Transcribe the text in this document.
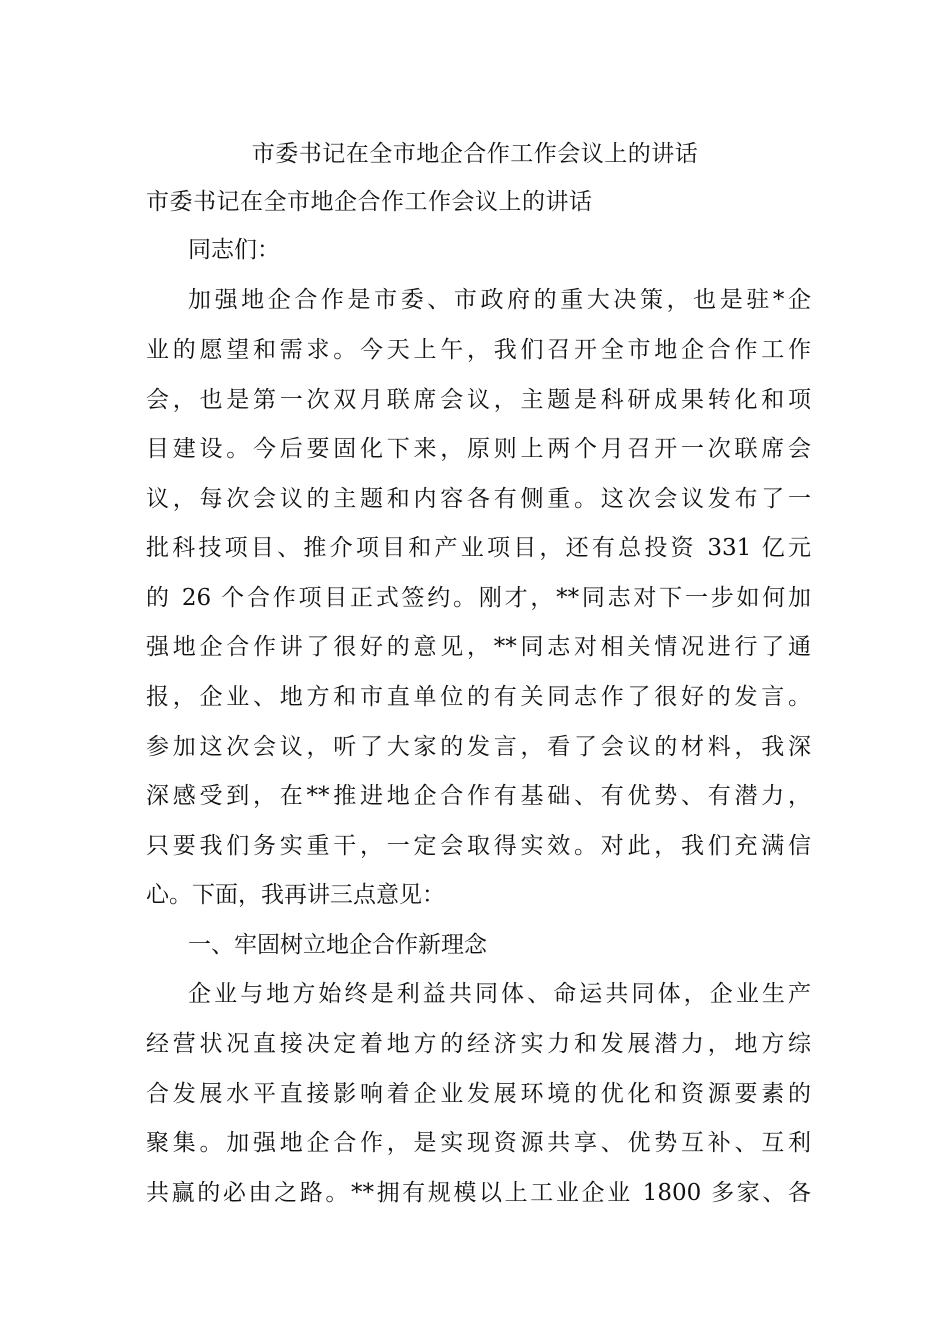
市委书记在全市地企合作工作会议上的讲话
市委书记在全市地企合作工作会议上的讲话
同志们：
加强地企合作是市委、市政府的重大决策，也是驻*企
业的愿望和需求。今天上午，我们召开全市地企合作工作
会，也是第一次双月联席会议，主题是科研成果转化和项
目建设。今后要固化下来，原则上两个月召开一次联席会
议，每次会议的主题和内容各有侧重。这次会议发布了一
批科技项目、推介项目和产业项目，还有总投资 331 亿元
的 26 个合作项目正式签约。刚才，**同志对下一步如何加
强地企合作讲了很好的意见，**同志对相关情况进行了通
报，企业、地方和市直单位的有关同志作了很好的发言。
参加这次会议，听了大家的发言，看了会议的材料，我深
深感受到，在**推进地企合作有基础、有优势、有潜力，
只要我们务实重干，一定会取得实效。对此，我们充满信
心。下面，我再讲三点意见：
一、牢固树立地企合作新理念
企业与地方始终是利益共同体、命运共同体，企业生产
经营状况直接决定着地方的经济实力和发展潜力，地方综
合发展水平直接影响着企业发展环境的优化和资源要素的
聚集。加强地企合作，是实现资源共享、优势互补、互利
共赢的必由之路。**拥有规模以上工业企业 1800 多家、各
